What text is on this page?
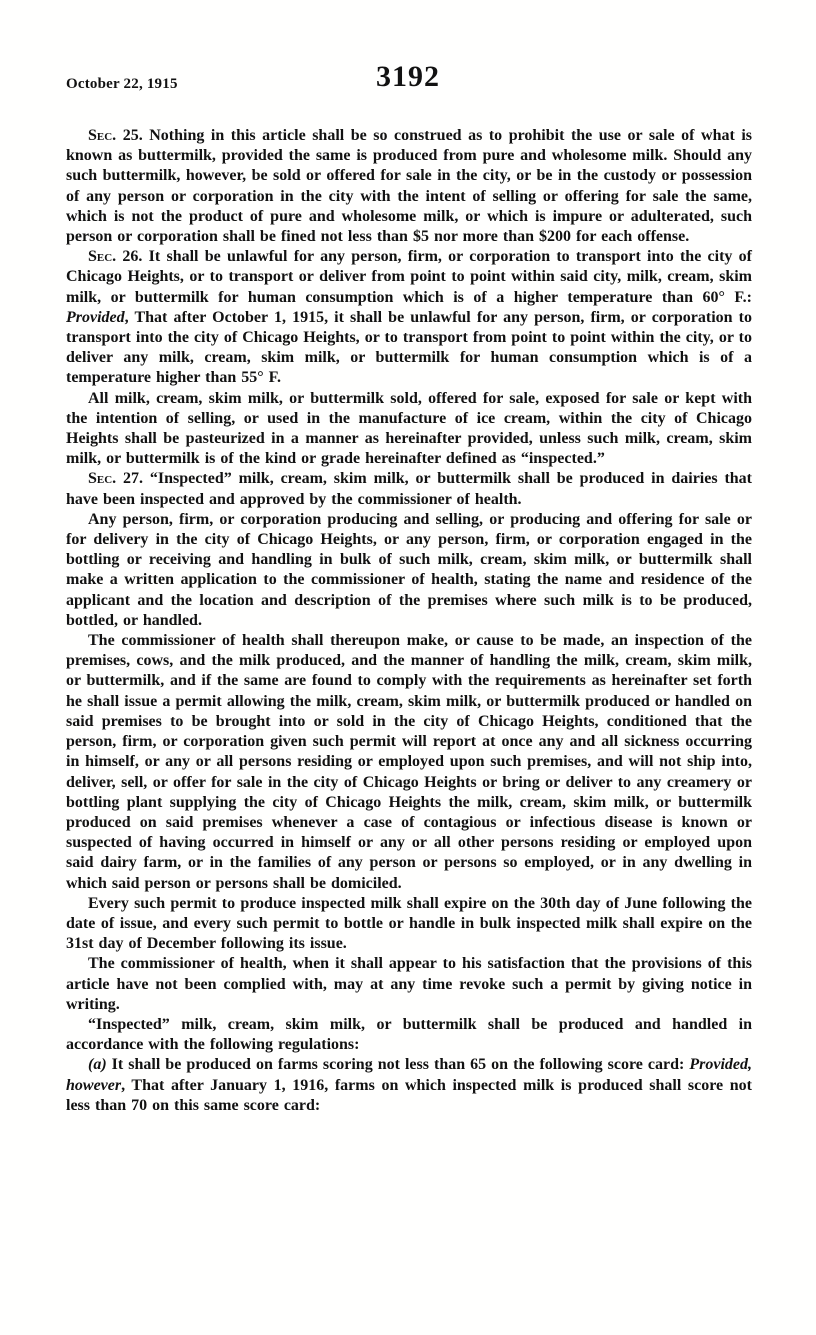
October 22, 1915	3192

Sec. 25. Nothing in this article shall be so construed as to prohibit the use or sale of what is known as buttermilk, provided the same is produced from pure and wholesome milk. Should any such buttermilk, however, be sold or offered for sale in the city, or be in the custody or possession of any person or corporation in the city with the intent of selling or offering for sale the same, which is not the product of pure and wholesome milk, or which is impure or adulterated, such person or corporation shall be fined not less than $5 nor more than $200 for each offense.

Sec. 26. It shall be unlawful for any person, firm, or corporation to transport into the city of Chicago Heights, or to transport or deliver from point to point within said city, milk, cream, skim milk, or buttermilk for human consumption which is of a higher temperature than 60° F.: Provided, That after October 1, 1915, it shall be unlawful for any person, firm, or corporation to transport into the city of Chicago Heights, or to transport from point to point within the city, or to deliver any milk, cream, skim milk, or buttermilk for human consumption which is of a temperature higher than 55° F.

All milk, cream, skim milk, or buttermilk sold, offered for sale, exposed for sale or kept with the intention of selling, or used in the manufacture of ice cream, within the city of Chicago Heights shall be pasteurized in a manner as hereinafter provided, unless such milk, cream, skim milk, or buttermilk is of the kind or grade hereinafter defined as “inspected.”

Sec. 27. “Inspected” milk, cream, skim milk, or buttermilk shall be produced in dairies that have been inspected and approved by the commissioner of health.

Any person, firm, or corporation producing and selling, or producing and offering for sale or for delivery in the city of Chicago Heights, or any person, firm, or corporation engaged in the bottling or receiving and handling in bulk of such milk, cream, skim milk, or buttermilk shall make a written application to the commissioner of health, stating the name and residence of the applicant and the location and description of the premises where such milk is to be produced, bottled, or handled.

The commissioner of health shall thereupon make, or cause to be made, an inspection of the premises, cows, and the milk produced, and the manner of handling the milk, cream, skim milk, or buttermilk, and if the same are found to comply with the requirements as hereinafter set forth he shall issue a permit allowing the milk, cream, skim milk, or buttermilk produced or handled on said premises to be brought into or sold in the city of Chicago Heights, conditioned that the person, firm, or corporation given such permit will report at once any and all sickness occurring in himself, or any or all persons residing or employed upon such premises, and will not ship into, deliver, sell, or offer for sale in the city of Chicago Heights or bring or deliver to any creamery or bottling plant supplying the city of Chicago Heights the milk, cream, skim milk, or buttermilk produced on said premises whenever a case of contagious or infectious disease is known or suspected of having occurred in himself or any or all other persons residing or employed upon said dairy farm, or in the families of any person or persons so employed, or in any dwelling in which said person or persons shall be domiciled.

Every such permit to produce inspected milk shall expire on the 30th day of June following the date of issue, and every such permit to bottle or handle in bulk inspected milk shall expire on the 31st day of December following its issue.

The commissioner of health, when it shall appear to his satisfaction that the provisions of this article have not been complied with, may at any time revoke such a permit by giving notice in writing.

“Inspected” milk, cream, skim milk, or buttermilk shall be produced and handled in accordance with the following regulations:

(a) It shall be produced on farms scoring not less than 65 on the following score card: Provided, however, That after January 1, 1916, farms on which inspected milk is produced shall score not less than 70 on this same score card:
